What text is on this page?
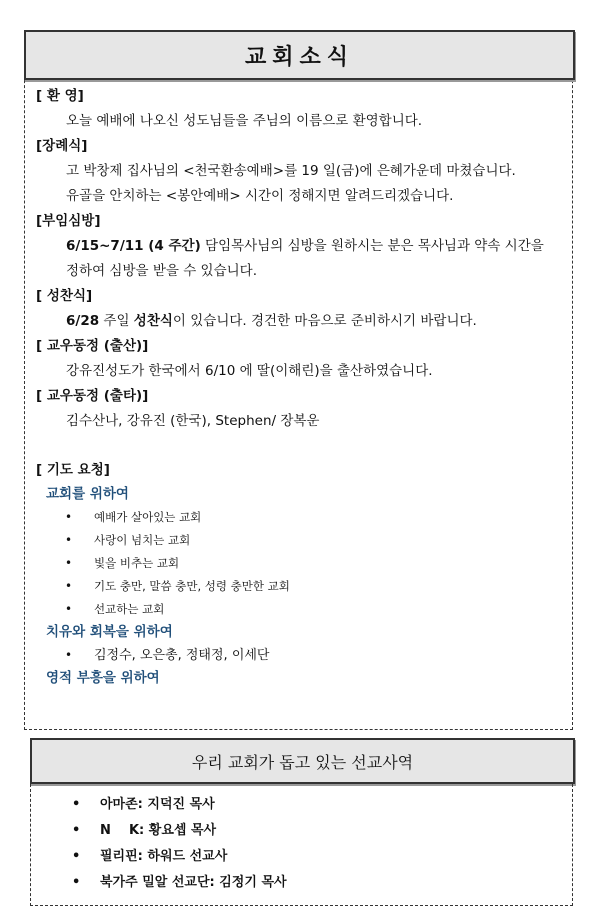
교회소식
[ 환 영]
오늘 예배에 나오신 성도님들을 주님의 이름으로 환영합니다.
[장례식]
고 박창제 집사님의 <천국환송예배>를 19 일(금)에 은혜가운데 마쳤습니다.
유골을 안치하는 <봉안예배> 시간이 정해지면 알려드리겠습니다.
[부임심방]
6/15~7/11 (4 주간) 담임목사님의 심방을 원하시는 분은 목사님과 약속 시간을
정하여 심방을 받을 수 있습니다.
[ 성찬식]
6/28 주일 성찬식이 있습니다. 경건한 마음으로 준비하시기 바랍니다.
[ 교우동정 (출산)]
강유진성도가 한국에서 6/10 에 딸(이해린)을 출산하였습니다.
[ 교우동정 (출타)]
김수산나, 강유진 (한국), Stephen/ 장복운
[ 기도 요청]
교회를 위하여
• 예배가 살아있는 교회
• 사랑이 넘치는 교회
• 빛을 비추는 교회
• 기도 충만, 말씀 충만, 성령 충만한 교회
• 선교하는 교회
치유와 회복을 위하여
• 김정수, 오은총, 정태정, 이세단
영적 부흥을 위하여
우리 교회가 돕고 있는 선교사역
• 아마존: 지덕진 목사
• N    K: 황요셉 목사
• 필리핀: 하워드 선교사
• 북가주 밀알 선교단: 김정기 목사
